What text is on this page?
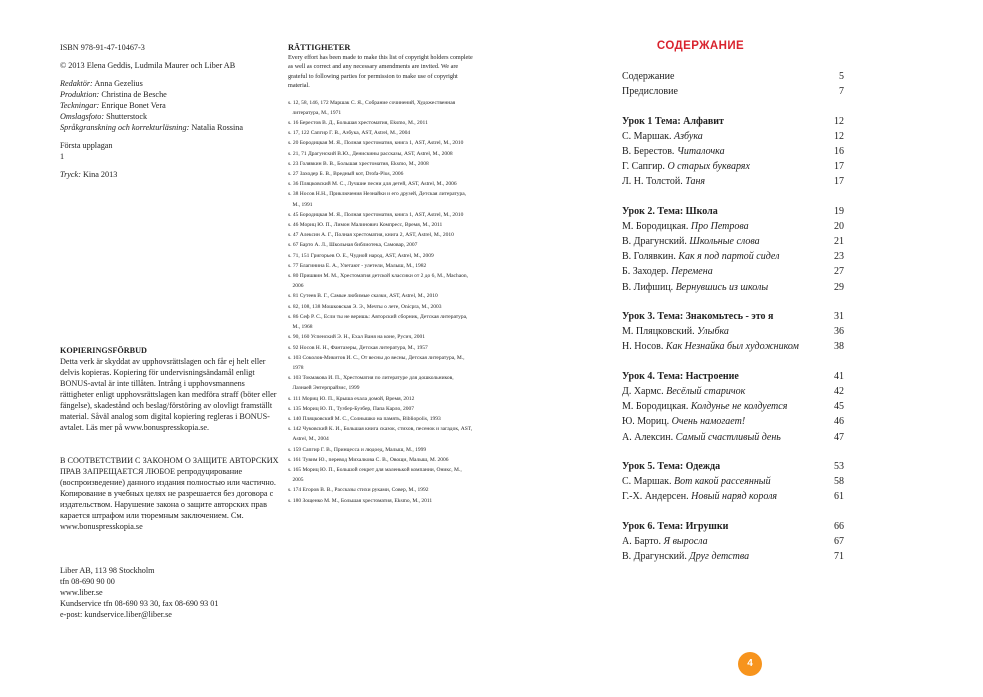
ISBN 978-91-47-10467-3
© 2013 Elena Geddis, Ludmila Maurer och Liber AB
Redaktör: Anna Gezelius
Produktion: Christina de Besche
Teckningar: Enrique Bonet Vera
Omslagsfoto: Shutterstock
Språkgranskning och korrekturläsning: Natalia Rossina
Första upplagan
1
Tryck: Kina 2013
KOPIERINGSFÖRBUD
Detta verk är skyddat av upphovsrättslagen och får ej helt eller delvis kopieras. Kopiering för undervisningsändamål enligt BONUS-avtal är inte tillåten. Intrång i upphovsmannens rättigheter enligt upphovsrättslagen kan medföra straff (böter eller fängelse), skadestånd och beslag/förstöring av olovligt framställt material. Såväl analog som digital kopiering regleras i BONUS-avtalet. Läs mer på www.bonuspresskopia.se.
В СООТВЕТСТВИИ С ЗАКОНОМ О ЗАЩИТЕ АВТОРСКИХ ПРАВ ЗАПРЕЩАЕТСЯ ЛЮБОЕ репродуцирование (воспроизведение) данного издания полностью или частично. Копирование в учебных целях не разрешается без договора с издательством. Нарушение закона о защите авторских прав карается штрафом или тюремным заключением. См. www.bonuspresskopia.se
Liber AB, 113 98 Stockholm
tfn 08-690 90 00
www.liber.se
Kundservice tfn 08-690 93 30, fax 08-690 93 01
e-post: kundservice.liber@liber.se
RÄTTIGHETER
Every effort has been made to make this list of copyright holders complete as well as correct and any necessary amendments are invited. We are grateful to following parties for permission to make use of copyright material.
s. 12, 58, 146, 172 Маршак С. Я., Собрание сочинений, Художественная литература, М., 1971
s. 16 Берестов В. Д., Большая хрестоматия, Eksmo, M., 2011
s. 17, 122 Сапгир Г. В., Азбука, AST, Astrel, M., 2004
s. 20 Бородицкая М. Я., Полная хрестоматия, книга 1, AST, Astrel, M., 2010
s. 21, 71 Драгунский В.Ю., Денискины рассказы, AST, Astrel, M., 2008
s. 23 Голявкин В. В., Большая хрестоматия, Eksmo, M., 2008
s. 27 Заходер Б. В., Вредный кот, Drofa-Plus, 2006
s. 36 Пляцковский М. С., Лучшие песни для детей, AST, Astrel, M., 2006
s. 38 Носов Н.Н., Приключения Незнайки и его друзей, Детская литература, М., 1991
s. 45 Бородицкая М. Я., Полная хрестоматия, книга 1, AST, Astrel, M., 2010
s. 46 Мориц Ю. П., Лимон Малинович Компресс, Время, M., 2011
s. 47 Алексин А. Г., Полная хрестоматия, книга 2, AST, Astrel, M., 2010
s. 67 Барто А. Л., Школьная библиотека, Самовар, 2007
s. 71, 151 Григорьев О. Е., Чудной народ, AST, Astrel, M., 2009
s. 77 Благинина Е. А., Улетают - улетели, Малыш, М., 1982
s. 80 Пришвин М. М., Хрестоматия детской классики от 2 до 6, M., Machaon, 2006
s. 81 Сутеев В. Г., Самые любимые сказки, AST, Astrel, M., 2010
s. 82, 108, 138 Мошковская Э. Э., Мечты о лете, Oniсpra, M., 2003
s. 86 Сеф Р. С., Если ты не веришь: Авторский сборник, Детская литература, М., 1968
s. 90, 160 Успенский Э. Н., Ехал Ваня на коне, Русич, 2001
s. 92 Носов Н. Н., Фантазеры, Детская литература, М., 1957
s. 103 Соколов-Микитов И. С., От весны до весны, Детская литература, М., 1978
s. 103 Токмакова И. П., Хрестоматия по литературе для дошкольников, Лазнаей Энтерпрайзис, 1999
s. 111 Мориц Ю. П., Крыша ехала домой, Время, 2012
s. 135 Мориц Ю. П., Тузбер-Бузбер, Папа Карло, 2007
s. 140 Пляцковский М. С., Солнышко на память, Bibliopolis, 1993
s. 142 Чуковский К. И., Большая книга сказок, стихов, песенок и загадок, AST, Astrel, M., 2004
s. 159 Сапгир Г. В., Принцесса и людоед, Малыш, М., 1999
s. 161 Тувим Ю., перевод Михалкова С. В., Овощи, Малыш, М. 2006
s. 165 Мориц Ю. П., Большой секрет для маленькой компании, Оникс, М., 2005
s. 174 Егоров В. В., Рассказы стихи руками, Совер, М., 1992
s. 180 Зощенко М. М., Большая хрестоматия, Eksmo, M., 2011
СОДЕРЖАНИЕ
Содержание	5
Предисловие	7
Урок 1 Тема: Алфавит	12
С. Маршак. Азбука	12
В. Берестов. Читалочка	16
Г. Сапгир. О старых букварях	17
Л. Н. Толстой. Таня	17
Урок 2. Тема: Школа	19
М. Бородицкая. Про Петрова	20
В. Драгунский. Школьные слова	21
В. Голявкин. Как я под партой сидел	23
Б. Заходер. Перемена	27
В. Лифшиц. Вернувшись из школы	29
Урок 3. Тема: Знакомьтесь - это я	31
М. Пляцковский. Улыбка	36
Н. Носов. Как Незнайка был художником	38
Урок 4. Тема: Настроение	41
Д. Хармс. Весёлый старичок	42
М. Бородицкая. Колдунье не колдуется	45
Ю. Мориц. Очень намогает!	46
А. Алексин. Самый счастливый день	47
Урок 5. Тема: Одежда	53
С. Маршак. Вот какой рассеянный	58
Г.-Х. Андерсен. Новый наряд короля	61
Урок 6. Тема: Игрушки	66
А. Барто. Я выросла	67
В. Драгунский. Друг детства	71
4
